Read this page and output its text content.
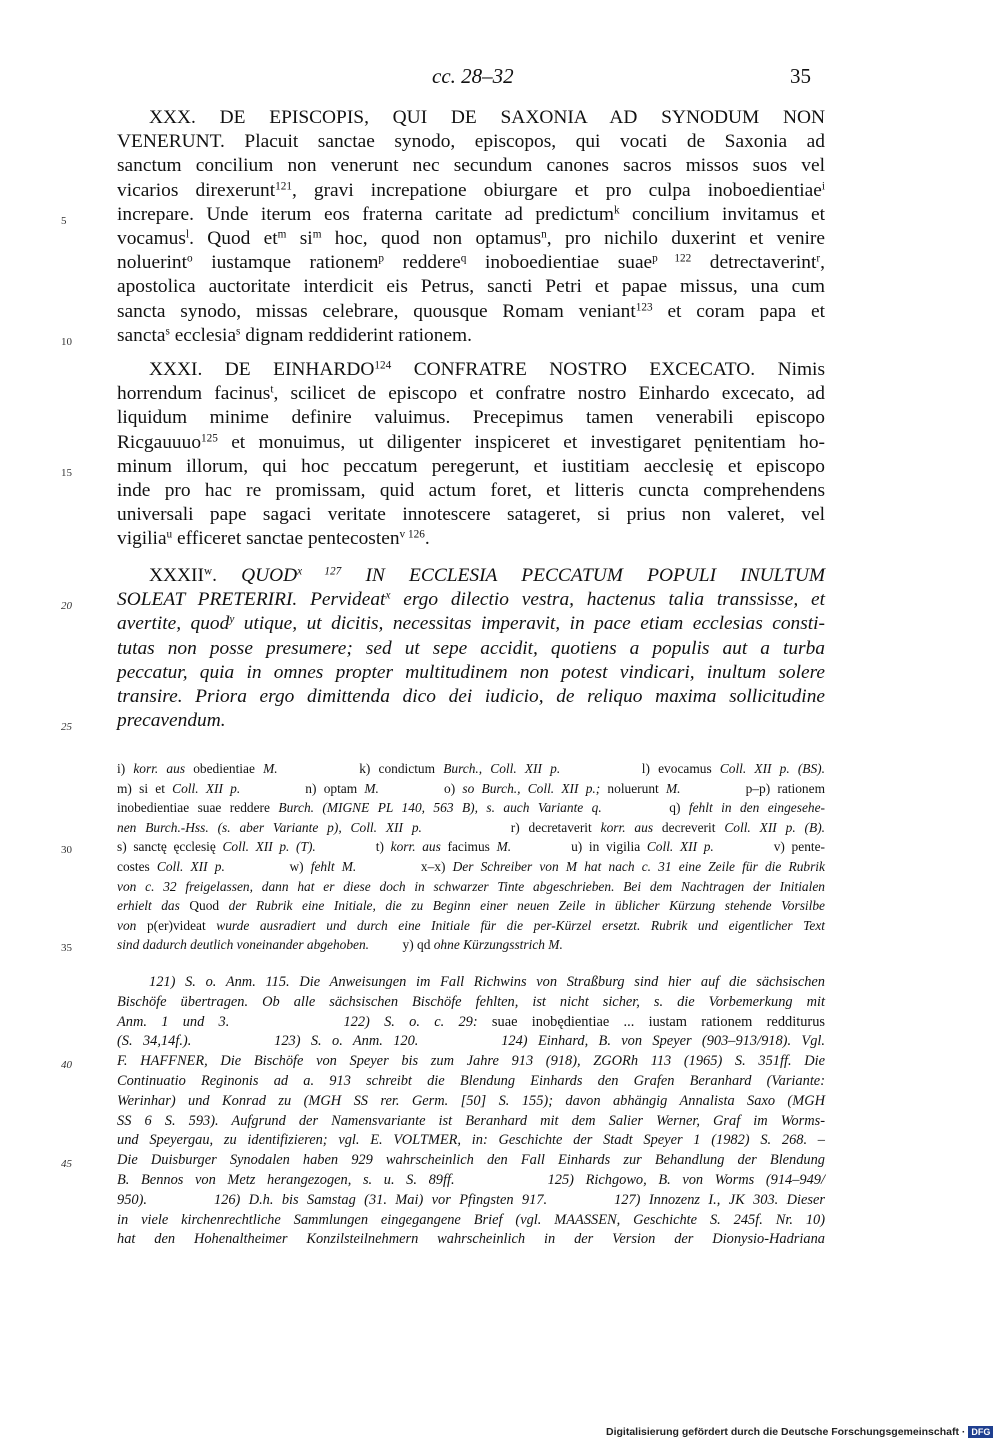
cc. 28–32	35
XXX. DE EPISCOPIS, QUI DE SAXONIA AD SYNODUM NON
VENERUNT. Placuit sanctae synodo, episcopos, qui vocati de Saxonia ad
sanctum concilium non venerunt nec secundum canones sacros missos suos vel
vicarios direxerunt$^{121}$, gravi increpatione obiurgare et pro culpa inoboedientiae$^i$
5	increpare. Unde iterum eos fraterna caritate ad predictum$^k$ concilium invitamus et
vocamus$^l$. Quod $et^m$ $si^m$ hoc, quod non optamus$^n$, pro nichilo duxerint et venire
noluerint$^o$ iustamque rationem$^p$ reddere$^q$ inoboedientiae suae$^{p 122}$ detrectaverint$^r$,
apostolica auctoritate interdicit eis Petrus, sancti Petri et papae missus, una cum
sancta synodo, missas celebrare, quousque Romam veniant$^{123}$ et coram papa et
10	sancta$^s$ ecclesia$^s$ dignam reddiderint rationem.
XXXI. DE EINHARDO$^{124}$ CONFRATRE NOSTRO EXCECATO. Nimis
horrendum facinus$^t$, scilicet de episcopo et confratre nostro Einhardo excecato, ad
liquidum minime definire valuimus. Precepimus tamen venerabili episcopo
Ricgauuuo$^{125}$ et monuimus, ut diligenter inspiceret et investigaret pęnitentiam ho-
15	minum illorum, qui hoc peccatum peregerunt, et iustitiam aecclesię et episcopo
inde pro hac re promissam, quid actum foret, et litteris cuncta comprehendens
universali pape sagaci veritate innotescere satageret, si prius non valeret, vel
vigilia$^u$ efficeret sanctae pentecosten$^{v 126}$.
XXXII$^w$. $QUOD^{x 127}$ IN ECCLESIA PECCATUM POPULI INULTUM
20	SOLEAT PRETERIRI. Pervideat$^x$ ergo dilectio vestra, hactenus talia transsisse, et
avertite, quod$^y$ utique, ut dicitis, necessitas imperavit, in pace etiam ecclesias consti-
tutas non posse presumere; sed ut sepe accidit, quotiens a populis aut a turba
peccatur, quia in omnes propter multitudinem non potest vindicari, inultum solere
transire. Priora ergo dimittenda dico dei iudicio, de reliquo maxima sollicitudine
25	precavendum.
i) korr. aus obedientiae M.          k) condictum Burch., Coll. XII p.          l) evocamus Coll. XII p. (BS).
m) si et Coll. XII p.         n) optam M.         o) so Burch., Coll. XII p.; noluerunt M.         p–p) rationem
inobedientiae suae reddere Burch. (MIGNE PL 140, 563 B), s. auch Variante q.        q) fehlt in den eingesehe-
nen Burch.-Hss. (s. aber Variante p), Coll. XII p.          r) decretaverit korr. aus decreverit Coll. XII p. (B).
30	s) sanctę ęcclesię Coll. XII p. (T).         t) korr. aus facimus M.         u) in vigilia Coll. XII p.         v) pente-
costes Coll. XII p.         w) fehlt M.         x–x) Der Schreiber von M hat nach c. 31 eine Zeile für die Rubrik
von c. 32 freigelassen, dann hat er diese doch in schwarzer Tinte abgeschrieben. Bei dem Nachtragen der Initialen
erhielt das Quod der Rubrik eine Initiale, die zu Beginn einer neuen Zeile in üblicher Kürzung stehende Vorsilbe
von p(er)videat wurde ausradiert und durch eine Initiale für die per-Kürzel ersetzt. Rubrik und eigentlicher Text
35	sind dadurch deutlich voneinander abgehoben.          y) qd ohne Kürzungsstrich M.
121) S. o. Anm. 115. Die Anweisungen im Fall Richwins von Straßburg sind hier auf die sächsischen
Bischöfe übertragen. Ob alle sächsischen Bischöfe fehlten, ist nicht sicher, s. die Vorbemerkung mit
Anm. 1 und 3.        122) S. o. c. 29: suae inobędientiae ... iustam rationem redditurus
(S. 34,14f.).        123) S. o. Anm. 120.        124) Einhard, B. von Speyer (903–913/918). Vgl.
40	F. HAFFNER, Die Bischöfe von Speyer bis zum Jahre 913 (918), ZGORh 113 (1965) S. 351ff. Die
Continuatio Reginonis ad a. 913 schreibt die Blendung Einhards den Grafen Beranhard (Variante:
Werinhar) und Konrad zu (MGH SS rer. Germ. [50] S. 155); davon abhängig Annalista Saxo (MGH
SS 6 S. 593). Aufgrund der Namensvariante ist Beranhard mit dem Salier Werner, Graf im Worms-
und Speyergau, zu identifizieren; vgl. E. VOLTMER, in: Geschichte der Stadt Speyer 1 (1982) S. 268. –
45	Die Duisburger Synodalen haben 929 wahrscheinlich den Fall Einhards zur Behandlung der Blendung
B. Bennos von Metz herangezogen, s. u. S. 89ff.        125) Richgowo, B. von Worms (914–949/
950).        126) D.h. bis Samstag (31. Mai) vor Pfingsten 917.        127) Innozenz I., JK 303. Dieser
in viele kirchenrechtliche Sammlungen eingegangene Brief (vgl. MAASSEN, Geschichte S. 245f. Nr. 10)
hat den Hohenaltheimer Konzilsteilnehmern wahrscheinlich in der Version der Dionysio-Hadriana
Digitalisierung gefördert durch die Deutsche Forschungsgemeinschaft · DFG
